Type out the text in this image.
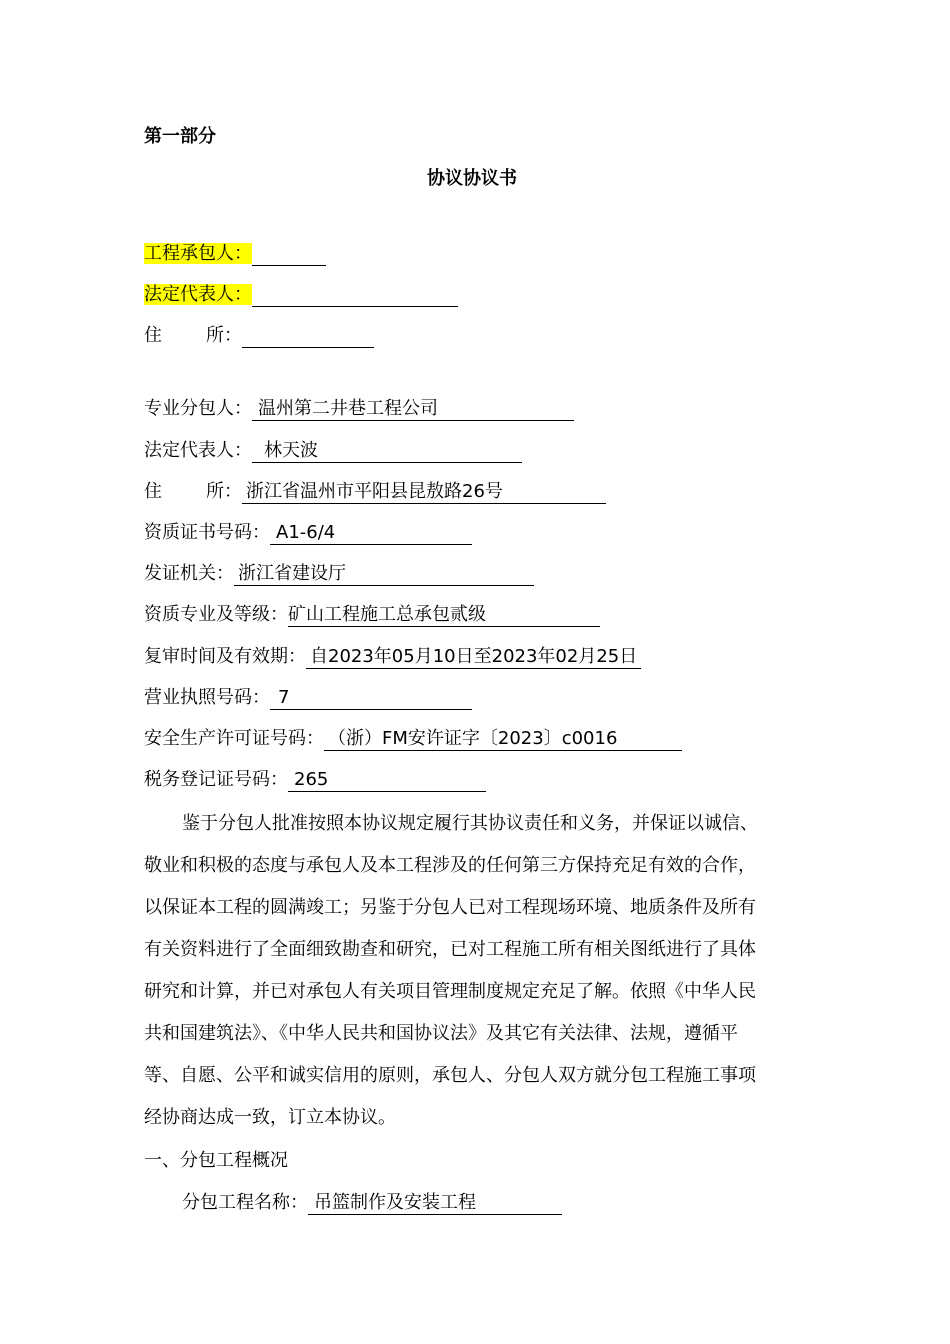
第一部分
协议协议书
工程承包人：
法定代表人：
住 所：
专业分包人： 温州第二井巷工程公司
法定代表人： 林天波
住 所： 浙江省温州市平阳县昆敖路26号
资质证书号码： A1-6/4
发证机关： 浙江省建设厅
资质专业及等级：矿山工程施工总承包贰级
复审时间及有效期： 自2023年05月10日至2023年02月25日
营业执照号码： 7
安全生产许可证号码： （浙）FM安许证字〔2023〕c0016
税务登记证号码： 265
鉴于分包人批准按照本协议规定履行其协议责任和义务，并保证以诚信、
敬业和积极的态度与承包人及本工程涉及的任何第三方保持充足有效的合作，
以保证本工程的圆满竣工；另鉴于分包人已对工程现场环境、地质条件及所有
有关资料进行了全面细致勘查和研究，已对工程施工所有相关图纸进行了具体
研究和计算，并已对承包人有关项目管理制度规定充足了解。依照《中华人民
共和国建筑法》、《中华人民共和国协议法》及其它有关法律、法规，遵循平
等、自愿、公平和诚实信用的原则，承包人、分包人双方就分包工程施工事项
经协商达成一致，订立本协议。
一、分包工程概况
分包工程名称： 吊篮制作及安装工程
